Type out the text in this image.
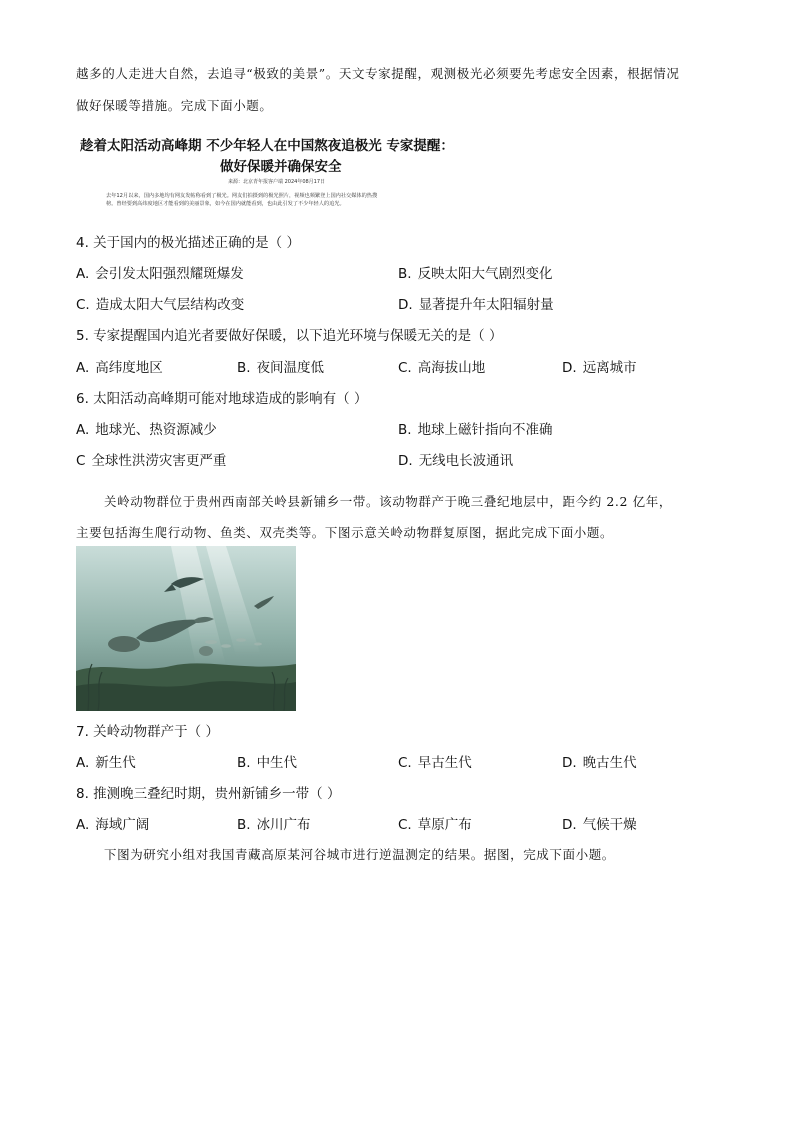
越多的人走进大自然，去追寻“极致的美景”。天文专家提醒，观测极光必须要先考虑安全因素，根据情况
做好保暖等措施。完成下面小题。
趁着太阳活动高峰期 不少年轻人在中国熬夜追极光 专家提醒：
做好保暖并确保安全
来源：北京青年报客户端 2024年08月17日
去年12月以来，国内多地均有网友发帖称看到了极光。网友们拍摄到的极光照片，视频也频繁登上国内社交媒体的热搜
榜。曾经要到高纬度地区才能看到的美丽景象，如今在国内就能看到，也由此引发了不少年轻人的追光。
4. 关于国内的极光描述正确的是（ ）
A. 会引发太阳强烈耀斑爆发	B. 反映太阳大气剧烈变化
C. 造成太阳大气层结构改变	D. 显著提升年太阳辐射量
5. 专家提醒国内追光者要做好保暖，以下追光环境与保暖无关的是（ ）
A. 高纬度地区	B. 夜间温度低	C. 高海拔山地	D. 远离城市
6. 太阳活动高峰期可能对地球造成的影响有（ ）
A. 地球光、热资源减少	B. 地球上磁针指向不准确
C 全球性洪涝灾害更严重	D. 无线电长波通讯
关岭动物群位于贵州西南部关岭县新铺乡一带。该动物群产于晚三叠纪地层中，距今约 2.2 亿年，
主要包括海生爬行动物、鱼类、双壳类等。下图示意关岭动物群复原图，据此完成下面小题。
7. 关岭动物群产于（ ）
A. 新生代	B. 中生代	C. 早古生代	D. 晚古生代
8. 推测晚三叠纪时期，贵州新铺乡一带（ ）
A. 海域广阔	B. 冰川广布	C. 草原广布	D. 气候干燥
下图为研究小组对我国青藏高原某河谷城市进行逆温测定的结果。据图，完成下面小题。
